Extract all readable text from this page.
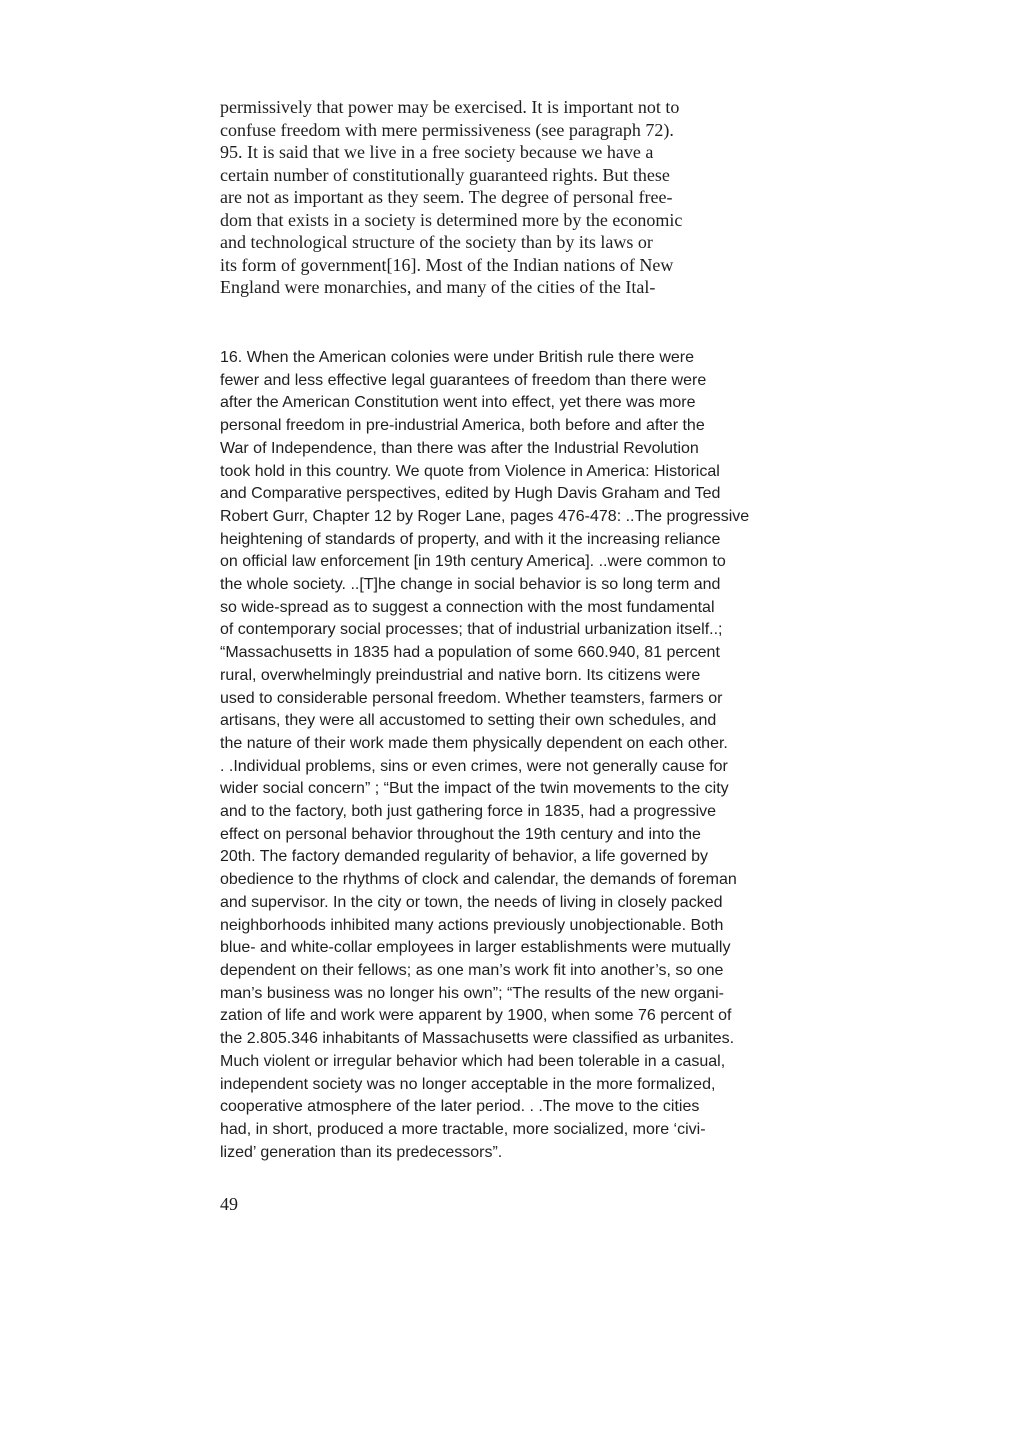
permissively that power may be exercised. It is important not to
confuse freedom with mere permissiveness (see paragraph 72).
95. It is said that we live in a free society because we have a
certain number of constitutionally guaranteed rights. But these
are not as important as they seem. The degree of personal free-
dom that exists in a society is determined more by the economic
and technological structure of the society than by its laws or
its form of government[16]. Most of the Indian nations of New
England were monarchies, and many of the cities of the Ital-
16. When the American colonies were under British rule there were
fewer and less effective legal guarantees of freedom than there were
after the American Constitution went into effect, yet there was more
personal freedom in pre-industrial America, both before and after the
War of Independence, than there was after the Industrial Revolution
took hold in this country. We quote from Violence in America: Historical
and Comparative perspectives, edited by Hugh Davis Graham and Ted
Robert Gurr, Chapter 12 by Roger Lane, pages 476-478: ..The progressive
heightening of standards of property, and with it the increasing reliance
on official law enforcement [in 19th century America]. ..were common to
the whole society. ..[T]he change in social behavior is so long term and
so wide-spread as to suggest a connection with the most fundamental
of contemporary social processes; that of industrial urbanization itself..;
“Massachusetts in 1835 had a population of some 660.940, 81 percent
rural, overwhelmingly preindustrial and native born. Its citizens were
used to considerable personal freedom. Whether teamsters, farmers or
artisans, they were all accustomed to setting their own schedules, and
the nature of their work made them physically dependent on each other.
. .Individual problems, sins or even crimes, were not generally cause for
wider social concern” ; “But the impact of the twin movements to the city
and to the factory, both just gathering force in 1835, had a progressive
effect on personal behavior throughout the 19th century and into the
20th. The factory demanded regularity of behavior, a life governed by
obedience to the rhythms of clock and calendar, the demands of foreman
and supervisor. In the city or town, the needs of living in closely packed
neighborhoods inhibited many actions previously unobjectionable. Both
blue- and white-collar employees in larger establishments were mutually
dependent on their fellows; as one man’s work fit into another’s, so one
man’s business was no longer his own”; “The results of the new organi-
zation of life and work were apparent by 1900, when some 76 percent of
the 2.805.346 inhabitants of Massachusetts were classified as urbanites.
Much violent or irregular behavior which had been tolerable in a casual,
independent society was no longer acceptable in the more formalized,
cooperative atmosphere of the later period. . .The move to the cities
had, in short, produced a more tractable, more socialized, more ‘civi-
lized’ generation than its predecessors”.
49
